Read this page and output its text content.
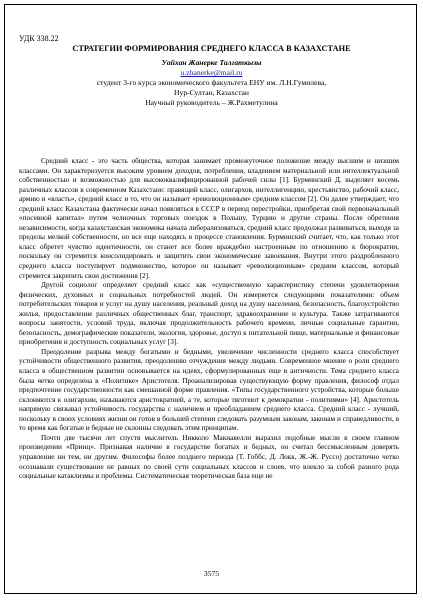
УДК 338.22
СТРАТЕГИИ ФОРМИРОВАНИЯ СРЕДНЕГО КЛАССА В КАЗАХСТАНЕ
Уайхан Жанерке Талгаткызы
u.zhanerke@mail.ru
студент 3-го курса экономического факультета ЕНУ им. Л.Н.Гумилева,
Нур-Султан, Казахстан
Научный руководитель – Ж.Рахметулина

Средний класс - это часть общества, которая занимает промежуточное положение между высшим и низшим классами. Он характеризуется высоким уровнем доходов, потребления, владением материальной или интеллектуальной собственностью и возможностью для высококвалифицированной рабочей силы [1]. Бурминский Д. выделяет восемь различных классов в современном Казахстане: правящий класс, олигархов, интеллигенцию, крестьянство, рабочий класс, армию и «власть», средний класс и то, что он называет «революционным» средним классом [2]. Он далее утверждает, что средний класс Казахстана фактически начал появляться в СССР в период перестройки, приобретая свой первоначальный «посевной капитал» путем челночных торговых поездок в Польшу, Турцию и другие страны. После обретения независимости, когда казахстанская экономика начала либерализоваться, средний класс продолжал развиваться, выходя за пределы мелкой собственности, но все еще находясь в процессе становления. Бурминский считает, что, как только этот класс обретет чувство идентичности, он станет все более враждебно настроенным по отношению к бюрократии, поскольку он стремится консолидировать и защитить свои экономические завоевания. Внутри этого раздробленного среднего класса поступирует подмножество, которое он называет «революционным» средним классом, который стремится закрепить свои достижения [2].

Другой социолог определяет средний класс как «существенную характеристику степени удовлетворения физических, духовных и социальных потребностей людей. Он измеряется следующими показателями: объем потребительских товаров и услуг на душу населения, реальный доход на душу населения, безопасность, благоустройство жилья, предоставление различных общественных благ, транспорт, здравоохранение и культура. Также затрагиваются вопросы занятости, условий труда, включая продолжительность рабочего времени, личные социальные гарантии, безопасность, демографические показатели, экология, здоровье, доступ к питательной пище, материальные и финансовые приобретения и доступность социальных услуг [3].

Преодоление разрыва между богатыми и бедными, увеличение численности среднего класса способствует устойчивости общественного развития, преодолению отчуждения между людьми. Современное мнение о роли среднего класса в общественном развитии основывается на идеях, сформулированных еще в античности. Тема среднего класса была четко определена в «Политике» Аристотеля. Проанализировав существующую форму правления, философ отдал предпочтение государственности как смешанной форме правления. «Типы государственного устройства, которые больше склоняются к олигархии, называются аристократией, а те, которые тяготеют к демократии - политиями» [4]. Аристотель напрямую связывал устойчивость государства с наличием и преобладанием среднего класса. Средний класс - лучший, поскольку в своих условиях жизни он готов в большей степени следовать разумным законам, законам и справедливости, в то время как богатые и бедные не склонны следовать этим принципам.

Почти две тысячи лет спустя мыслитель Никколо Макиавелли выразил подобные мысли в своем главном произведении «Принц». Признавая наличие в государстве богатых и бедных, он считал бессмысленным доверять управление ни тем, ни другим. Философы более позднего периода (Т. Гоббс, Д. Локк, Ж.-Ж. Руссо) достаточно четко осознавали существование не равных по своей сути социальных классов и слоев, что влекло за собой разного рода социальные катаклизмы и проблемы. Систематическая теоретическая база еще не

3575
